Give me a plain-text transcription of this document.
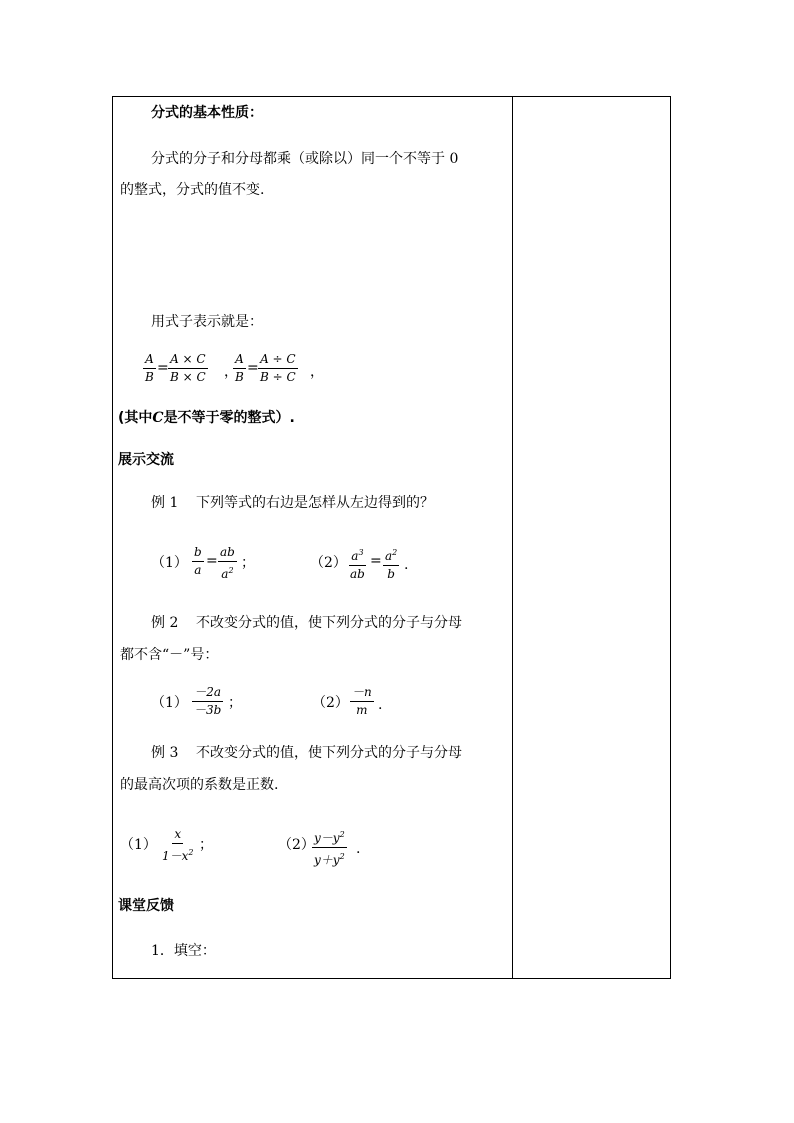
分式的基本性质：
分式的分子和分母都乘（或除以）同一个不等于 0
的整式，分式的值不变.
用式子表示就是：
$\frac{A}{B} = \frac{A \times C}{B \times C}$ ，
$\frac{A}{B} = \frac{A \div C}{B \div C}$ ，
(其中C是不等于零的整式）.
展示交流
例 1 下列等式的右边是怎样从左边得到的？
$(1) \frac{b}{a} = \frac{ab}{a^2}$ ；	$(2) \frac{a^3}{ab} = \frac{a^2}{b}$ .
例 2 不改变分式的值，使下列分式的分子与分母
都不含“－”号：
$(1) \frac{-2a}{-3b}$ ；	$(2) \frac{-n}{m}$ .
例 3 不改变分式的值，使下列分式的分子与分母
的最高次项的系数是正数.
$(1) \frac{x}{1-x^2}$ ；	（2）
$\frac{y-y^2}{y+y^2}$ .
课堂反馈
1．填空：
